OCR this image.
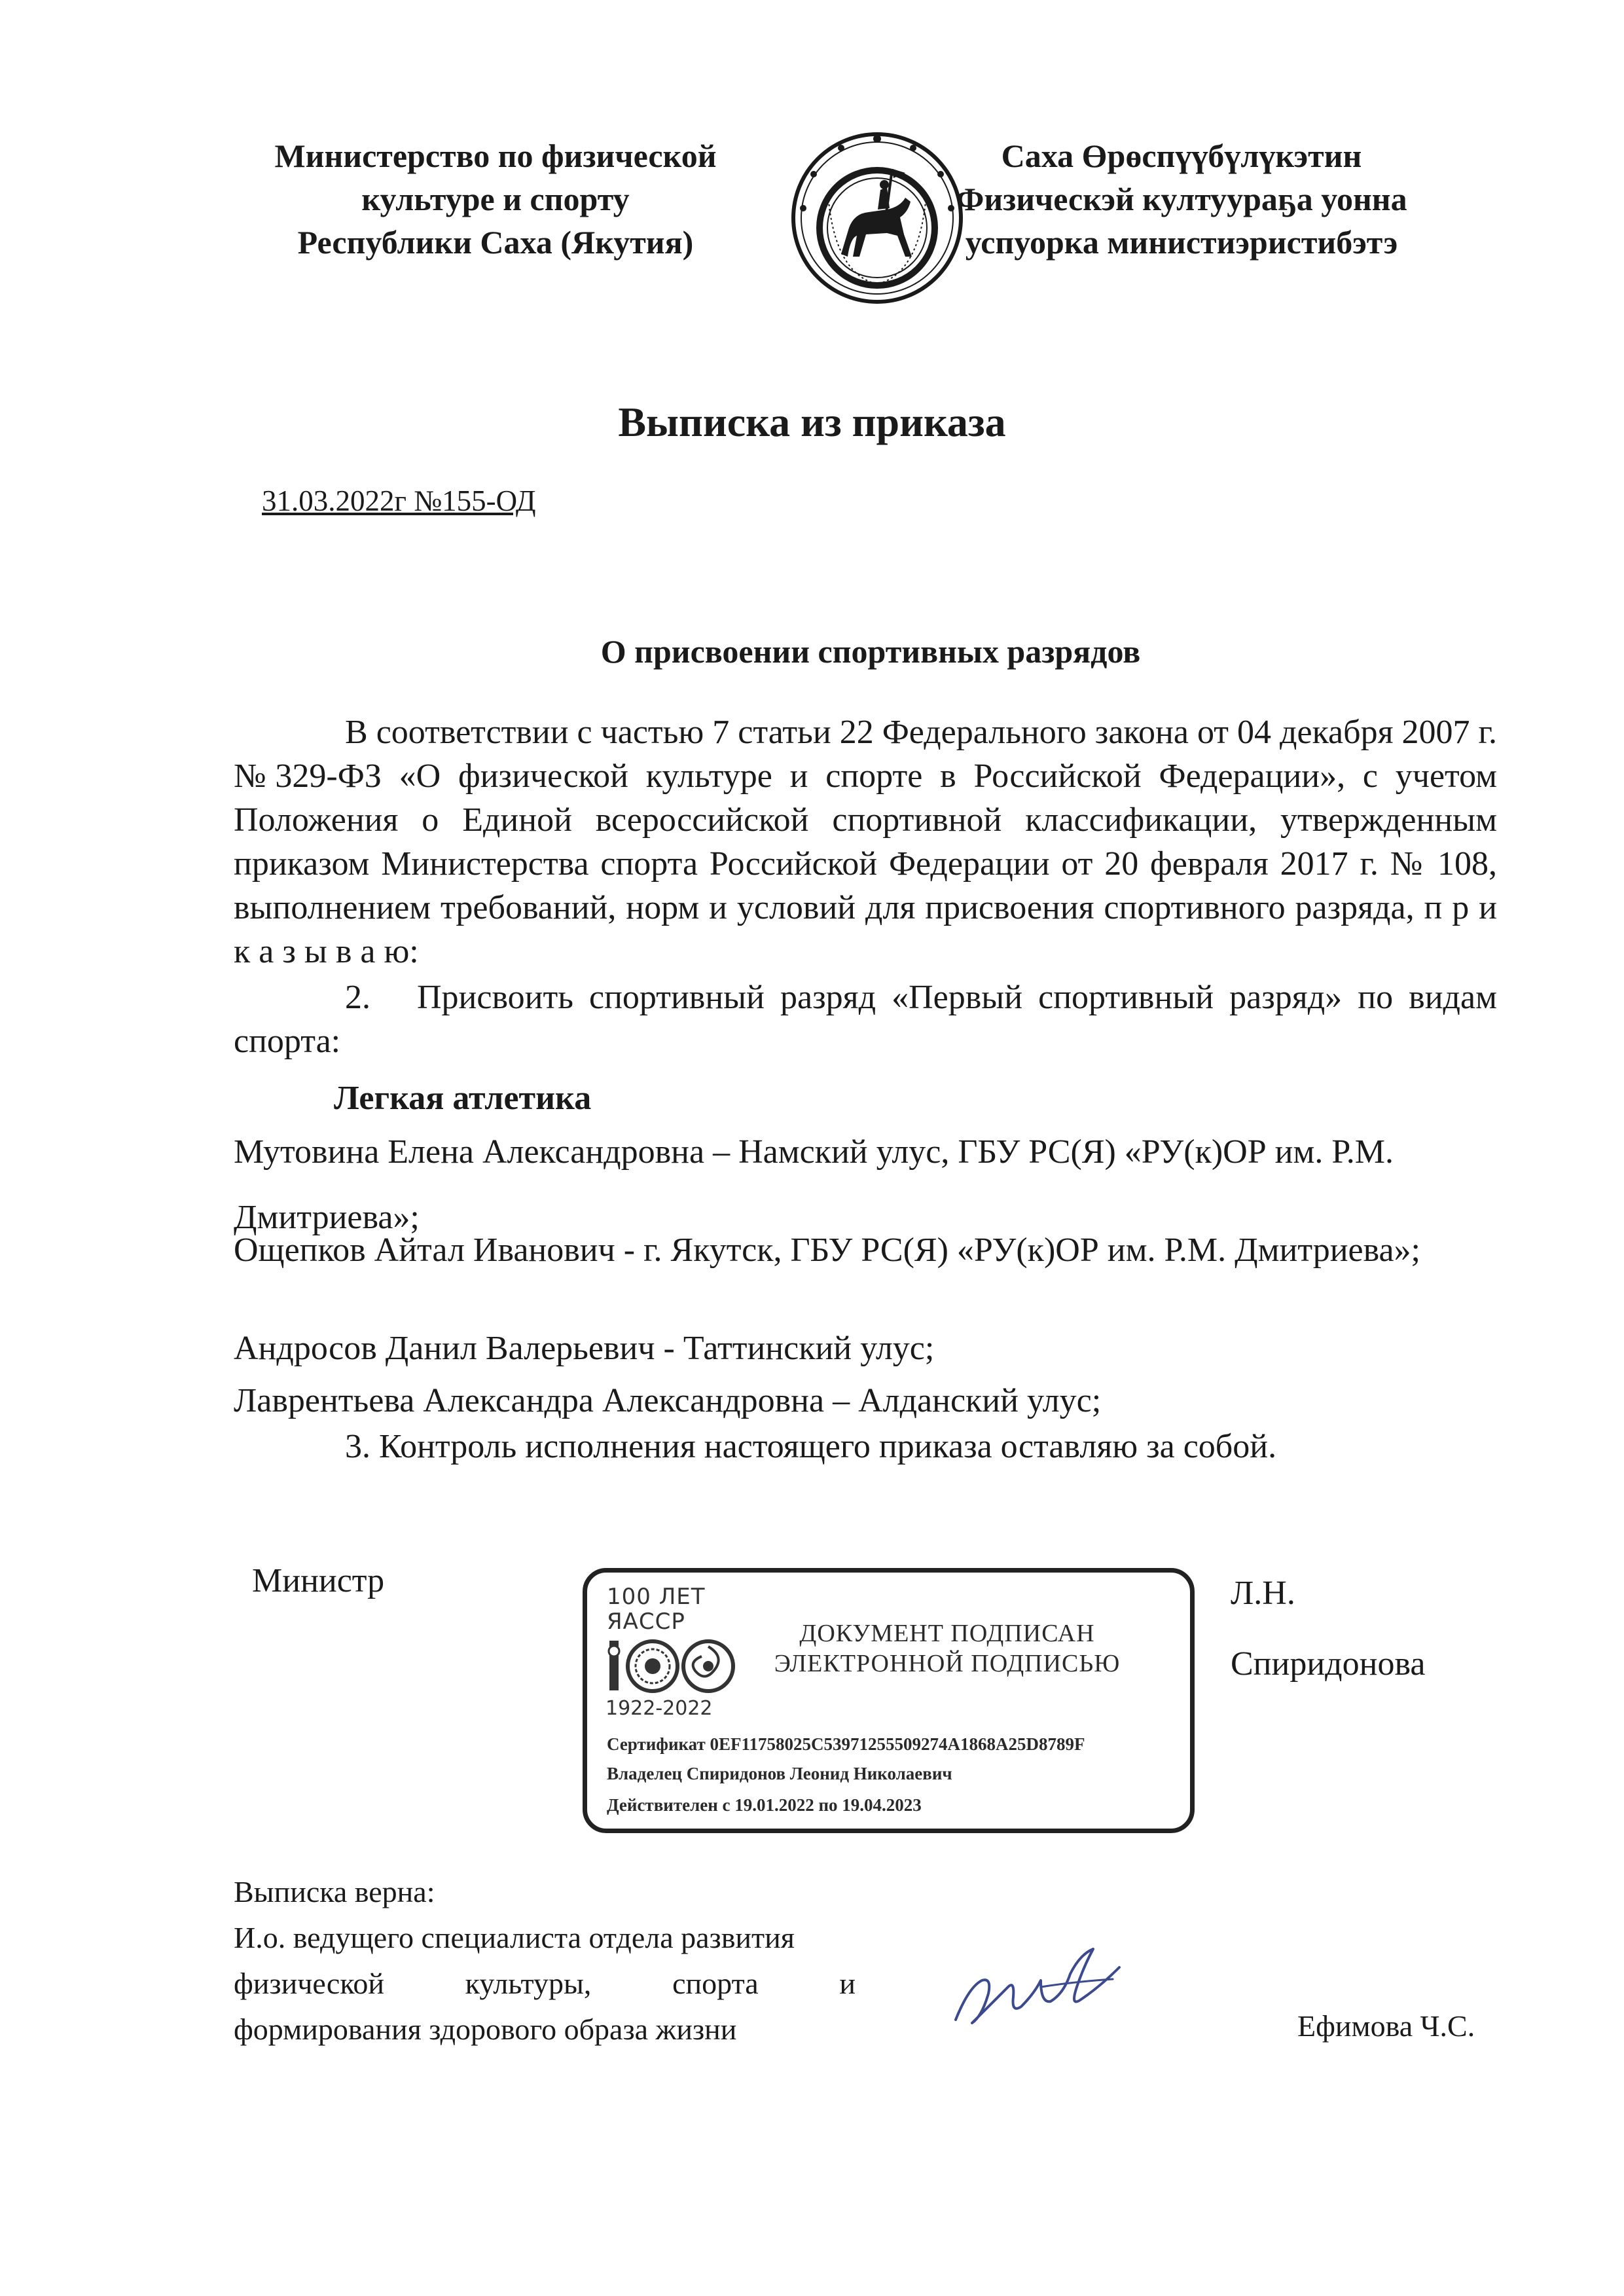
Министерство по физической
культуре и спорту
Республики Саха (Якутия)
Саха Өрөспүүбүлүкэтин
Физическэй култуураҕа уонна
успуорка министиэристибэтэ
Выписка из приказа
31.03.2022г №155-ОД
О присвоении спортивных разрядов
В соответствии с частью 7 статьи 22 Федерального закона от 04 декабря 2007 г. №329-ФЗ «О физической культуре и спорте в Российской Федерации», с учетом Положения о Единой всероссийской спортивной классификации, утвержденным приказом Министерства спорта Российской Федерации от 20 февраля 2017 г. № 108, выполнением требований, норм и условий для присвоения спортивного разряда, п р и к а з ы в а ю:
2. Присвоить спортивный разряд «Первый спортивный разряд» по видам спорта:
Легкая атлетика
Мутовина Елена Александровна – Намский улус, ГБУ РС(Я) «РУ(к)ОР им. Р.М. Дмитриева»;
Ощепков Айтал Иванович - г. Якутск, ГБУ РС(Я) «РУ(к)ОР им. Р.М. Дмитриева»;
Андросов Данил Валерьевич - Таттинский улус;
Лаврентьева Александра Александровна – Алданский улус;
3. Контроль исполнения настоящего приказа оставляю за собой.
Министр	Л.Н.
Спиридонова
100 ЛЕТ
ЯАССР
1922-2022
ДОКУМЕНТ ПОДПИСАН
ЭЛЕКТРОННОЙ ПОДПИСЬЮ
Сертификат 0EF11758025C53971255509274A1868A25D8789F
Владелец Спиридонов Леонид Николаевич
Действителен с 19.01.2022 по 19.04.2023
Выписка верна:
И.о. ведущего специалиста отдела развития
физической	культуры,	спорта	и
формирования здорового образа жизни	Ефимова Ч.С.
